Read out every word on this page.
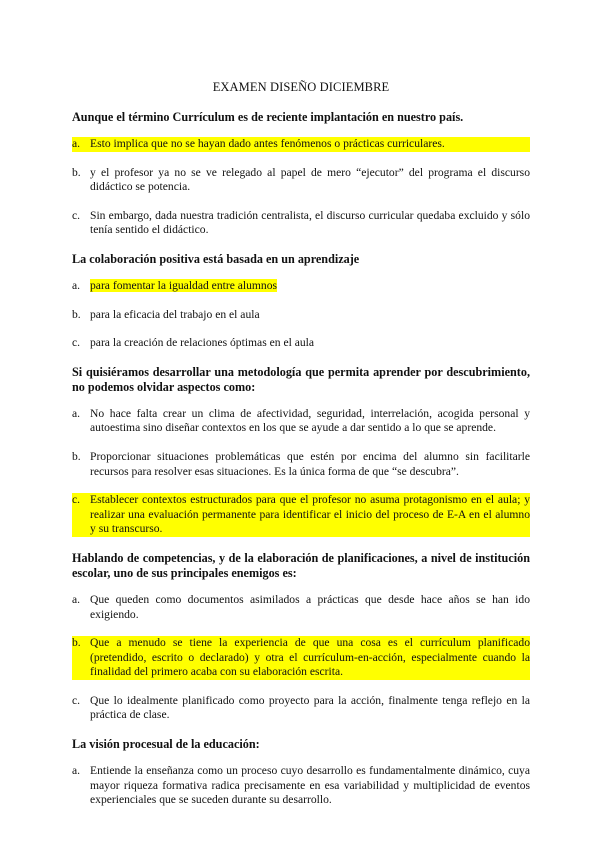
EXAMEN DISEÑO DICIEMBRE
Aunque el término Currículum es de reciente implantación en nuestro país.
a. Esto implica que no se hayan dado antes fenómenos o prácticas curriculares.
b. y el profesor ya no se ve relegado al papel de mero “ejecutor” del programa el discurso didáctico se potencia.
c. Sin embargo, dada nuestra tradición centralista, el discurso curricular quedaba excluido y sólo tenía sentido el didáctico.
La colaboración positiva está basada en un aprendizaje
a. para fomentar la igualdad entre alumnos
b. para la eficacia del trabajo en el aula
c. para la creación de relaciones óptimas en el aula
Si quisiéramos desarrollar una metodología que permita aprender por descubrimiento, no podemos olvidar aspectos como:
a. No hace falta crear un clima de afectividad, seguridad, interrelación, acogida personal y autoestima sino diseñar contextos en los que se ayude a dar sentido a lo que se aprende.
b. Proporcionar situaciones problemáticas que estén por encima del alumno sin facilitarle recursos para resolver esas situaciones. Es la única forma de que “se descubra”.
c. Establecer contextos estructurados para que el profesor no asuma protagonismo en el aula; y realizar una evaluación permanente para identificar el inicio del proceso de E-A en el alumno y su transcurso.
Hablando de competencias, y de la elaboración de planificaciones, a nivel de institución escolar, uno de sus principales enemigos es:
a. Que queden como documentos asimilados a prácticas que desde hace años se han ido exigiendo.
b. Que a menudo se tiene la experiencia de que una cosa es el currículum planificado (pretendido, escrito o declarado) y otra el currículum-en-acción, especialmente cuando la finalidad del primero acaba con su elaboración escrita.
c. Que lo idealmente planificado como proyecto para la acción, finalmente tenga reflejo en la práctica de clase.
La visión procesual de la educación:
a. Entiende la enseñanza como un proceso cuyo desarrollo es fundamentalmente dinámico, cuya mayor riqueza formativa radica precisamente en esa variabilidad y multiplicidad de eventos experienciales que se suceden durante su desarrollo.
